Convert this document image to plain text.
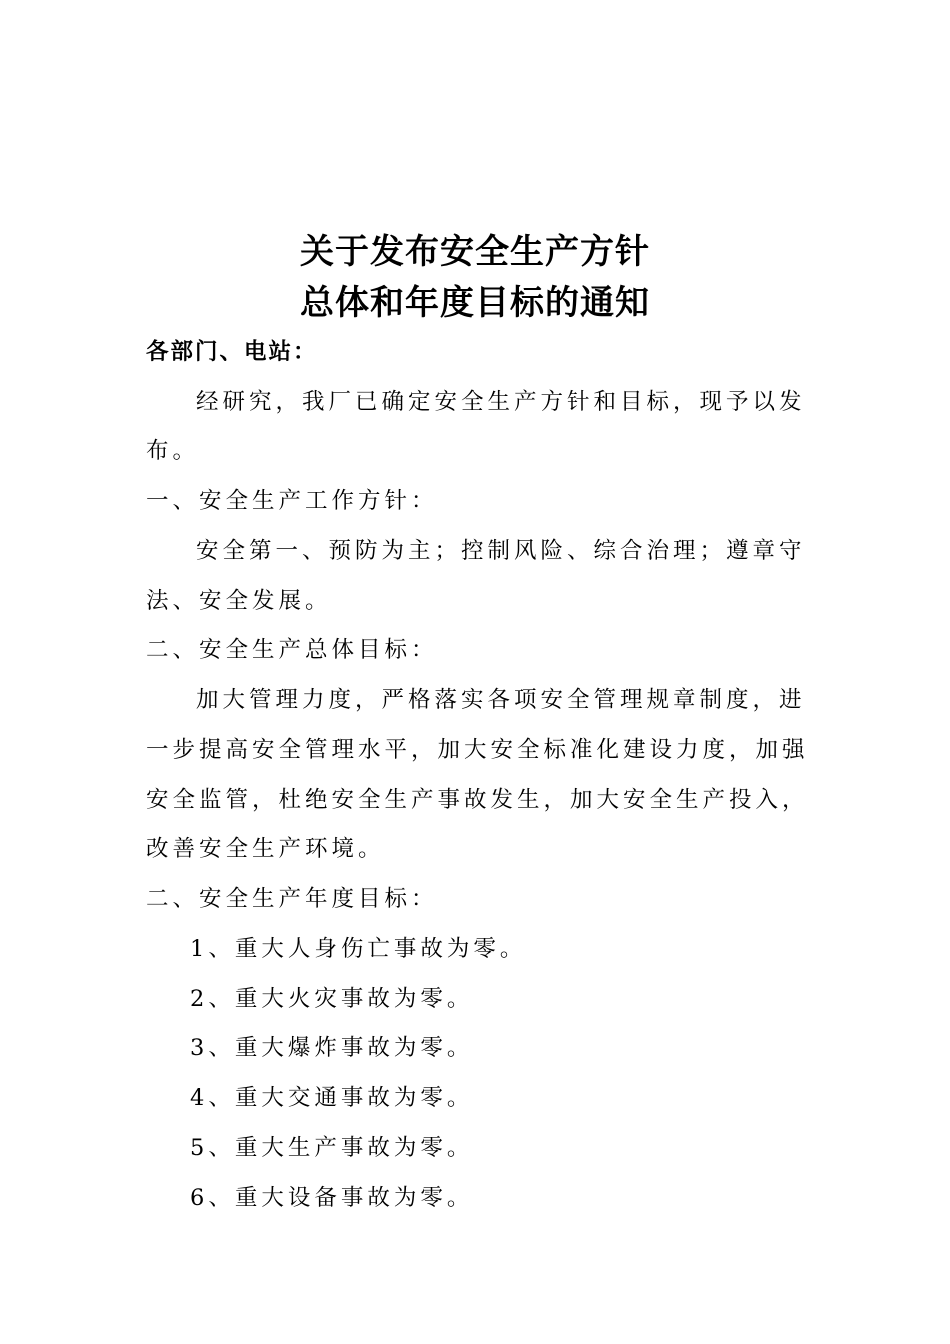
关于发布安全生产方针
总体和年度目标的通知
各部门、电站：
经研究，我厂已确定安全生产方针和目标，现予以发
布。
一、安全生产工作方针：
安全第一、预防为主；控制风险、综合治理；遵章守
法、安全发展。
二、安全生产总体目标：
加大管理力度，严格落实各项安全管理规章制度，进
一步提高安全管理水平，加大安全标准化建设力度，加强
安全监管，杜绝安全生产事故发生，加大安全生产投入，
改善安全生产环境。
二、安全生产年度目标：
1、重大人身伤亡事故为零。
2、重大火灾事故为零。
3、重大爆炸事故为零。
4、重大交通事故为零。
5、重大生产事故为零。
6、重大设备事故为零。
